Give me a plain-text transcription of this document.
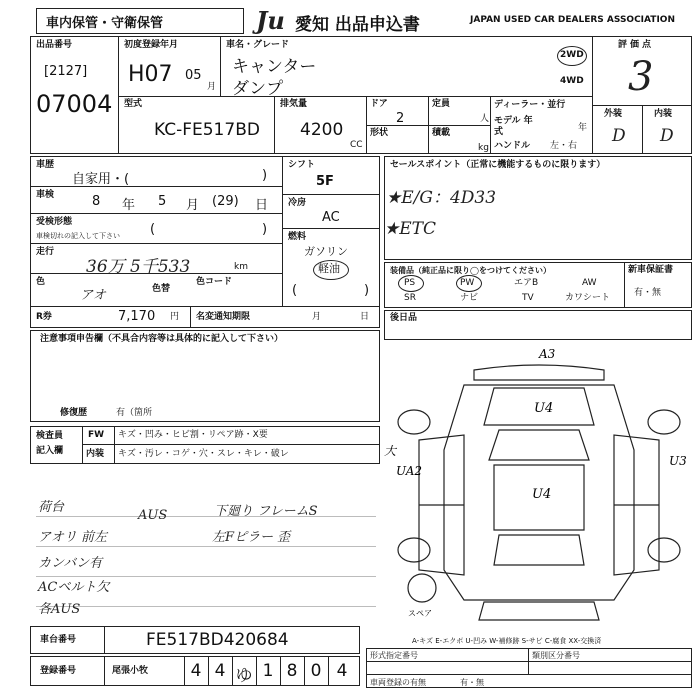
車内保管・守衛保管	Ju 愛知 出品申込書	JAPAN USED CAR DEALERS ASSOCIATION
出品番号
[2127]
07004
初度登録年月
H07 05
月
車名・グレード
キャンター
ダンプ
2WD
4WD
評価点
3
外装	内装
D D
型式
KC-FE517BD
排気量
4200
CC
ドア
2
形状
定員
人
積載
kg
ディーラー・並行
モデル 年式	年
ハンドル 左・右
車歴
自家用・(	)
車検	8 年 5 月 (29) 日
受検形態
車検切れの記入して下さい (	)
走行
36万 5千533	km
色
アオ	色替
色コード
シフト
5F
冷房
AC
燃料
ガソリン
軽油
(	)
R券	7,170 円 名変通知期限	月	日
セールスポイント（正常に機能するものに限ります）
★E/G：4D33
★ETC
装備品（純正品に限り◯をつけてください）
PS	PW	エアB	AW
SR	ナビ	TV	カワシート
新車保証書
有・無
後日品
注意事項申告欄（不具合内容等は具体的に記入して下さい）
修復歴	有（箇所
検査員
記入欄
FW キズ・凹み・ヒビ割・リペア跡・X要
内装 キズ・汚レ・コゲ・穴・スレ・キレ・破レ
荷台
アオリ 前左
カンバン有
ACベルト欠
各AUS
AUS	下廻り フレームS
左Fピラー 歪
A3
U4
U4
UA2
U3
大
スペア
A-キズ E-エクボ U-凹み W-補修跡 S-サビ C-腐食 XX-交換済
車台番号	FE517BD420684
登録番号	尾張小牧	4 4 ゆ 1 8 0 4
形式指定番号	類別区分番号
車両登録の有無	有・無
